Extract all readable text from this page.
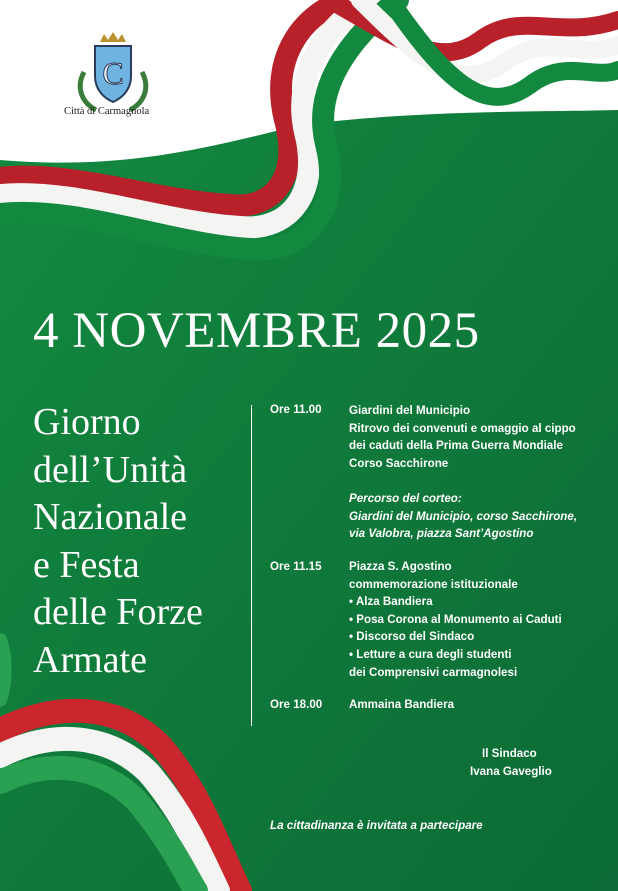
C
Città di Carmagnola
4 NOVEMBRE 2025
Giorno
dell’Unità
Nazionale
e Festa
delle Forze
Armate
Ore 11.00 Giardini del Municipio
Ritrovo dei convenuti e omaggio al cippo
dei caduti della Prima Guerra Mondiale
Corso Sacchirone
Percorso del corteo:
Giardini del Municipio, corso Sacchirone,
via Valobra, piazza Sant’Agostino
Ore 11.15 Piazza S. Agostino
commemorazione istituzionale
• Alza Bandiera
• Posa Corona al Monumento ai Caduti
• Discorso del Sindaco
• Letture a cura degli studenti
dei Comprensivi carmagnolesi
Ore 18.00 Ammaina Bandiera
Il Sindaco
Ivana Gaveglio
La cittadinanza è invitata a partecipare
